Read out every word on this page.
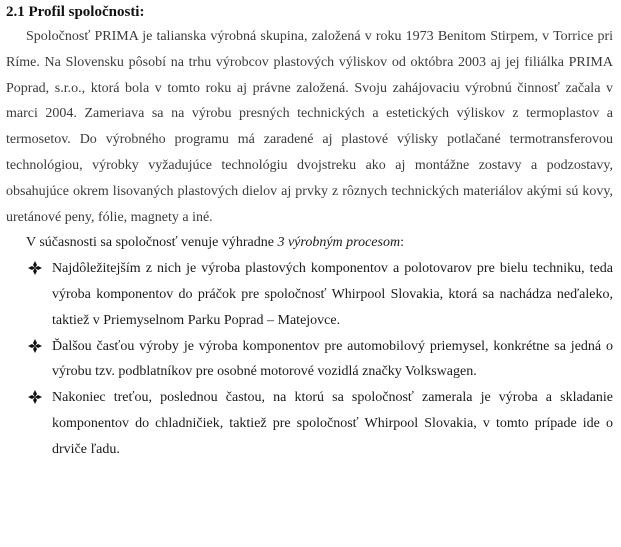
2.1 Profil spoločnosti:

Spoločnosť PRIMA je talianska výrobná skupina, založená v roku 1973 Benitom Stirpem, v Torrice pri Ríme. Na Slovensku pôsobí na trhu výrobcov plastových výliskov od októbra 2003 aj jej filiálka PRIMA Poprad, s.r.o., ktorá bola v tomto roku aj právne založená. Svoju zahájovaciu výrobnú činnosť začala v marci 2004. Zameriava sa na výrobu presných technických a estetických výliskov z termoplastov a termosetov. Do výrobného programu má zaradené aj plastové výlisky potlačané termotransferovou technológiou, výrobky vyžadujúce technológiu dvojstreku ako aj montážne zostavy a podzostavy, obsahujúce okrem lisovaných plastových dielov aj prvky z rôznych technických materiálov akými sú kovy, uretánové peny, fólie, magnety a iné.

V súčasnosti sa spoločnosť venuje výhradne 3 výrobným procesom:

Najdôležitejším z nich je výroba plastových komponentov a polotovarov pre bielu techniku, teda výroba komponentov do práčok pre spoločnosť Whirpool Slovakia, ktorá sa nachádza neďaleko, taktiež v Priemyselnom Parku Poprad – Matejovce.
Ďalšou časťou výroby je výroba komponentov pre automobilový priemysel, konkrétne sa jedná o výrobu tzv. podblatníkov pre osobné motorové vozidlá značky Volkswagen.
Nakoniec treťou, poslednou častou, na ktorú sa spoločnosť zamerala je výroba a skladanie komponentov do chladničiek, taktiež pre spoločnosť Whirpool Slovakia, v tomto prípade ide o drviče ľadu.
